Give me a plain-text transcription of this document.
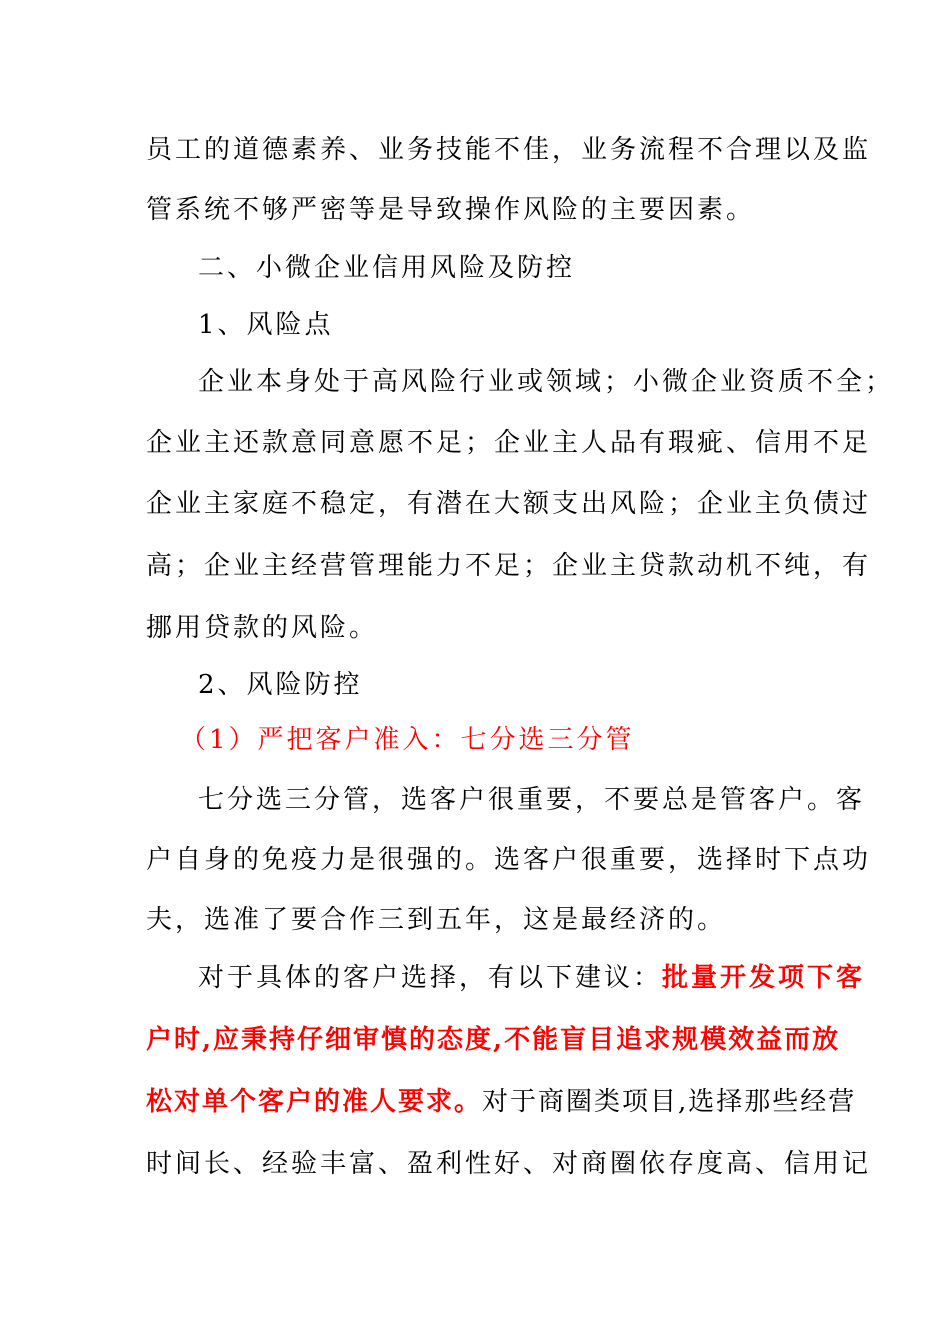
员工的道德素养、业务技能不佳，业务流程不合理以及监
管系统不够严密等是导致操作风险的主要因素。
二、小微企业信用风险及防控
1、风险点
企业本身处于高风险行业或领域；小微企业资质不全；
企业主还款意同意愿不足；企业主人品有瑕疵、信用不足
企业主家庭不稳定，有潜在大额支出风险；企业主负债过
高；企业主经营管理能力不足；企业主贷款动机不纯，有
挪用贷款的风险。
2、风险防控
（1）严把客户准入：七分选三分管
七分选三分管，选客户很重要，不要总是管客户。客
户自身的免疫力是很强的。选客户很重要，选择时下点功
夫，选准了要合作三到五年，这是最经济的。
对于具体的客户选择，有以下建议：批量开发项下客
户时,应秉持仔细审慎的态度,不能盲目追求规模效益而放
松对单个客户的准人要求。对于商圈类项目,选择那些经营
时间长、经验丰富、盈利性好、对商圈依存度高、信用记
